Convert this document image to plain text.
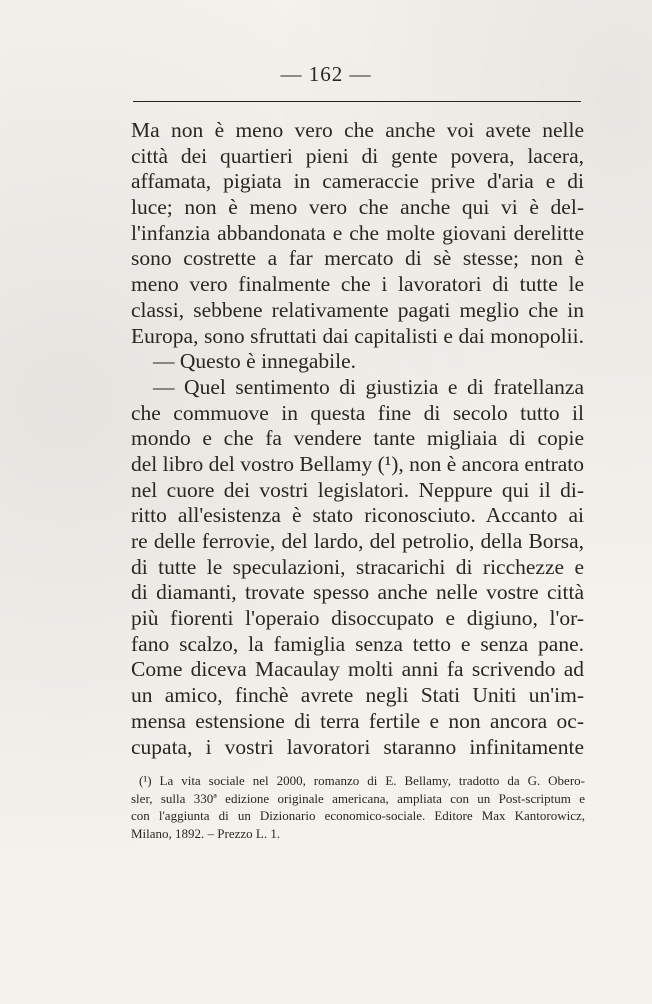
— 162 —
Ma non è meno vero che anche voi avete nelle
città dei quartieri pieni di gente povera, lacera,
affamata, pigiata in cameraccie prive d'aria e di
luce; non è meno vero che anche qui vi è del-
l'infanzia abbandonata e che molte giovani derelitte
sono costrette a far mercato di sè stesse; non è
meno vero finalmente che i lavoratori di tutte le
classi, sebbene relativamente pagati meglio che in
Europa, sono sfruttati dai capitalisti e dai monopolii.
— Questo è innegabile.
— Quel sentimento di giustizia e di fratellanza
che commuove in questa fine di secolo tutto il
mondo e che fa vendere tante migliaia di copie
del libro del vostro Bellamy (¹), non è ancora entrato
nel cuore dei vostri legislatori. Neppure qui il di-
ritto all'esistenza è stato riconosciuto. Accanto ai
re delle ferrovie, del lardo, del petrolio, della Borsa,
di tutte le speculazioni, stracarichi di ricchezze e
di diamanti, trovate spesso anche nelle vostre città
più fiorenti l'operaio disoccupato e digiuno, l'or-
fano scalzo, la famiglia senza tetto e senza pane.
Come diceva Macaulay molti anni fa scrivendo ad
un amico, finchè avrete negli Stati Uniti un'im-
mensa estensione di terra fertile e non ancora oc-
cupata, i vostri lavoratori staranno infinitamente
(¹) La vita sociale nel 2000, romanzo di E. Bellamy, tradotto da G. Obero-
sler, sulla 330ª edizione originale americana, ampliata con un Post-scriptum e
con l'aggiunta di un Dizionario economico-sociale. Editore Max Kantorowicz,
Milano, 1892. – Prezzo L. 1.
